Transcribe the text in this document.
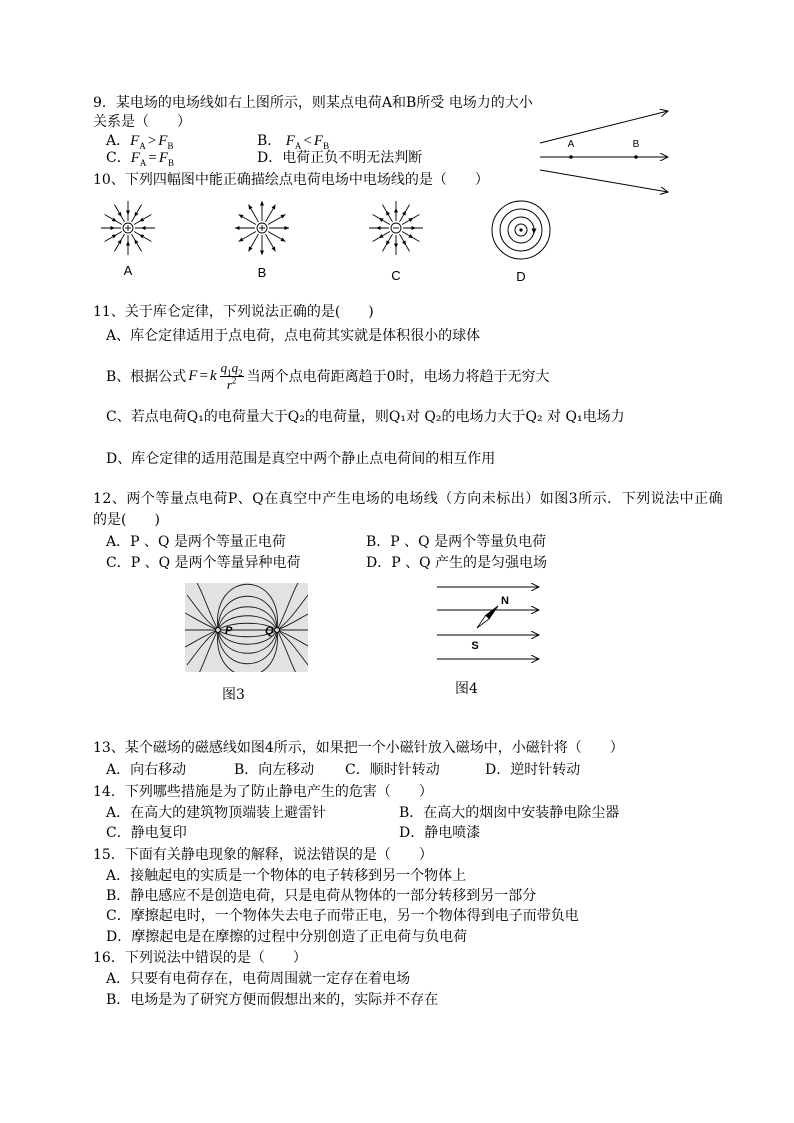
9．某电场的电场线如右上图所示，则某点电荷A和B所受 电场力的大小
关系是（　　）
A．$F_A > F_B$	B． $F_A < F_B$
C．$F_A = F_B$	D．电荷正负不明无法判断
A	B
10、下列四幅图中能正确描绘点电荷电场中电场线的是（　　）
A	B	C	D
11、关于库仑定律，下列说法正确的是(　　)
A、库仑定律适用于点电荷，点电荷其实就是体积很小的球体
B、根据公式 F = k $\frac{q_1q_2}{r^2}$ 当两个点电荷距离趋于0时，电场力将趋于无穷大
C、若点电荷Q₁的电荷量大于Q₂的电荷量，则Q₁对 Q₂的电场力大于Q₂ 对 Q₁电场力
D、库仑定律的适用范围是真空中两个静止点电荷间的相互作用
12、两个等量点电荷P、Q在真空中产生电场的电场线（方向未标出）如图3所示．下列说法中正确
的是(　　)
A．P 、Q 是两个等量正电荷	B．P 、Q 是两个等量负电荷
C．P 、Q 是两个等量异种电荷	D．P 、Q 产生的是匀强电场
P	Q
图3
N
S
图4
13、某个磁场的磁感线如图4所示，如果把一个小磁针放入磁场中，小磁针将（　　）
A．向右移动	B．向左移动 C．顺时针转动	D．逆时针转动
14．下列哪些措施是为了防止静电产生的危害（　　）
A．在高大的建筑物顶端装上避雷针	B．在高大的烟囱中安装静电除尘器
C．静电复印	D．静电喷漆
15．下面有关静电现象的解释，说法错误的是（　　）
A．接触起电的实质是一个物体的电子转移到另一个物体上
B．静电感应不是创造电荷，只是电荷从物体的一部分转移到另一部分
C．摩擦起电时，一个物体失去电子而带正电，另一个物体得到电子而带负电
D．摩擦起电是在摩擦的过程中分别创造了正电荷与负电荷
16．下列说法中错误的是（　　）
A．只要有电荷存在，电荷周围就一定存在着电场
B．电场是为了研究方便而假想出来的，实际并不存在
